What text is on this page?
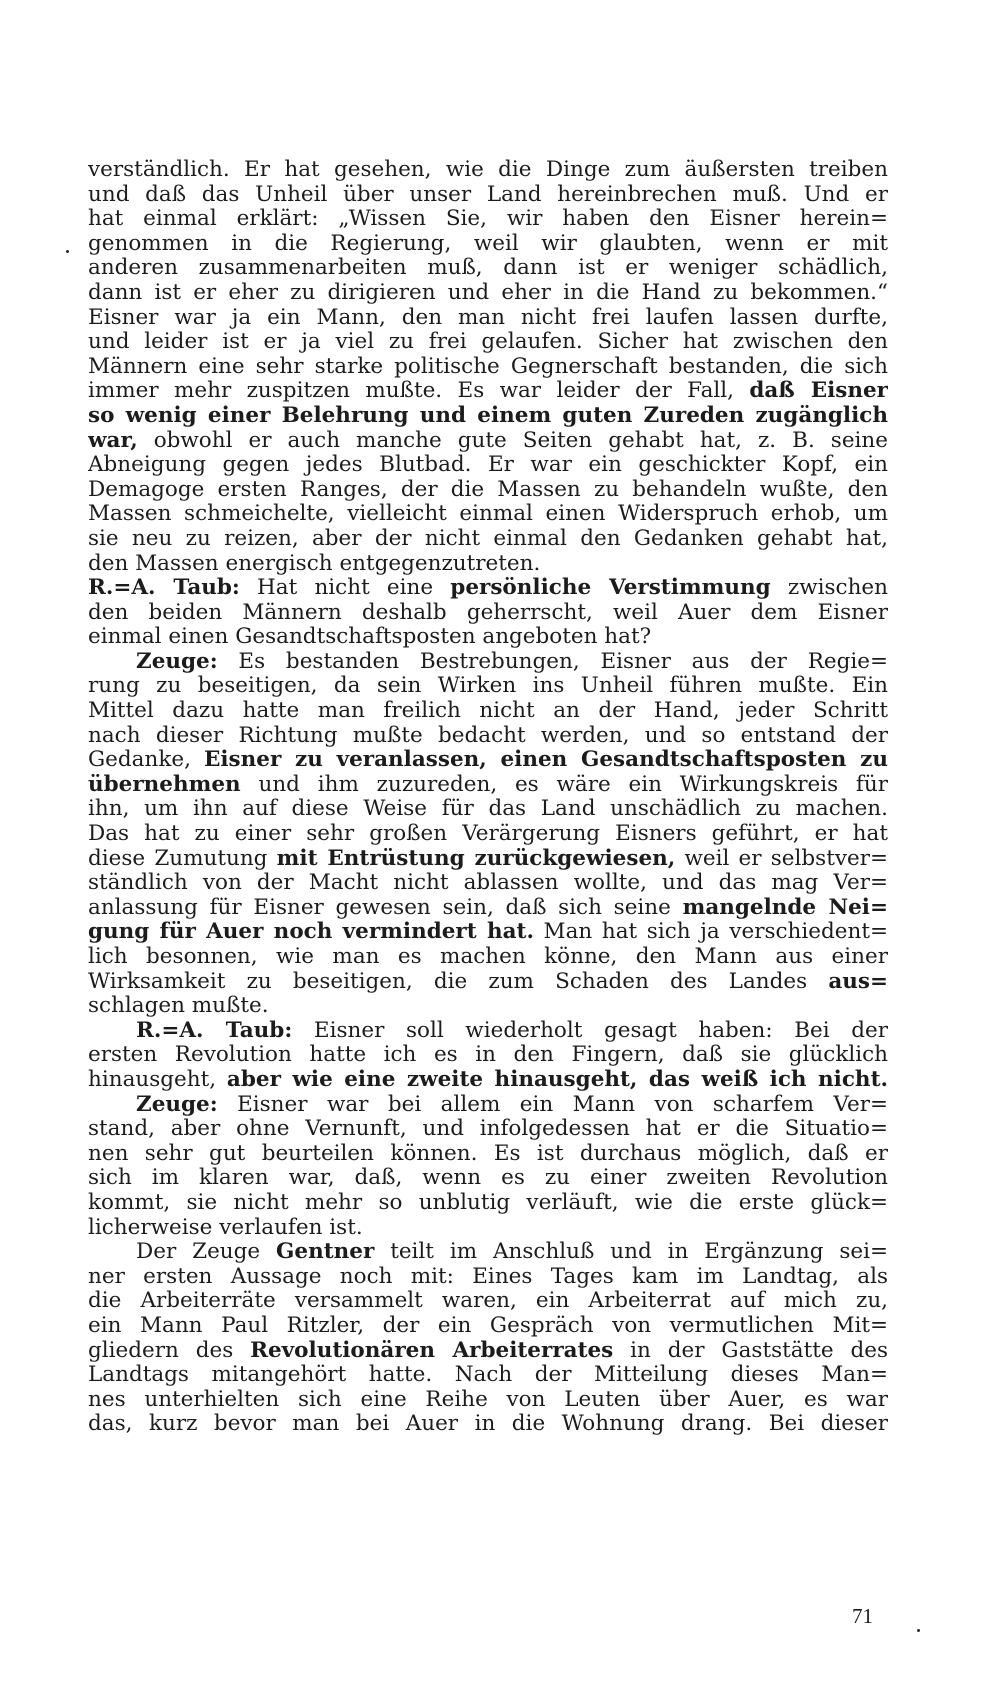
verständlich. Er hat gesehen, wie die Dinge zum äußersten treiben
und daß das Unheil über unser Land hereinbrechen muß. Und er
hat einmal erklärt: „Wissen Sie, wir haben den Eisner herein=
genommen in die Regierung, weil wir glaubten, wenn er mit
anderen zusammenarbeiten muß, dann ist er weniger schädlich,
dann ist er eher zu dirigieren und eher in die Hand zu bekommen.“
Eisner war ja ein Mann, den man nicht frei laufen lassen durfte,
und leider ist er ja viel zu frei gelaufen. Sicher hat zwischen den
Männern eine sehr starke politische Gegnerschaft bestanden, die sich
immer mehr zuspitzen mußte. Es war leider der Fall, daß Eisner
so wenig einer Belehrung und einem guten Zureden zugänglich
war, obwohl er auch manche gute Seiten gehabt hat, z. B. seine
Abneigung gegen jedes Blutbad. Er war ein geschickter Kopf, ein
Demagoge ersten Ranges, der die Massen zu behandeln wußte, den
Massen schmeichelte, vielleicht einmal einen Widerspruch erhob, um
sie neu zu reizen, aber der nicht einmal den Gedanken gehabt hat,
den Massen energisch entgegenzutreten.
R.=A. Taub: Hat nicht eine persönliche Verstimmung zwischen
den beiden Männern deshalb geherrscht, weil Auer dem Eisner
einmal einen Gesandtschaftsposten angeboten hat?
Zeuge: Es bestanden Bestrebungen, Eisner aus der Regie=
rung zu beseitigen, da sein Wirken ins Unheil führen mußte. Ein
Mittel dazu hatte man freilich nicht an der Hand, jeder Schritt
nach dieser Richtung mußte bedacht werden, und so entstand der
Gedanke, Eisner zu veranlassen, einen Gesandtschaftsposten zu
übernehmen und ihm zuzureden, es wäre ein Wirkungskreis für
ihn, um ihn auf diese Weise für das Land unschädlich zu machen.
Das hat zu einer sehr großen Verärgerung Eisners geführt, er hat
diese Zumutung mit Entrüstung zurückgewiesen, weil er selbstver=
ständlich von der Macht nicht ablassen wollte, und das mag Ver=
anlassung für Eisner gewesen sein, daß sich seine mangelnde Nei=
gung für Auer noch vermindert hat. Man hat sich ja verschiedent=
lich besonnen, wie man es machen könne, den Mann aus einer
Wirksamkeit zu beseitigen, die zum Schaden des Landes aus=
schlagen mußte.
R.=A. Taub: Eisner soll wiederholt gesagt haben: Bei der
ersten Revolution hatte ich es in den Fingern, daß sie glücklich
hinausgeht, aber wie eine zweite hinausgeht, das weiß ich nicht.
Zeuge: Eisner war bei allem ein Mann von scharfem Ver=
stand, aber ohne Vernunft, und infolgedessen hat er die Situatio=
nen sehr gut beurteilen können. Es ist durchaus möglich, daß er
sich im klaren war, daß, wenn es zu einer zweiten Revolution
kommt, sie nicht mehr so unblutig verläuft, wie die erste glück=
licherweise verlaufen ist.
Der Zeuge Gentner teilt im Anschluß und in Ergänzung sei=
ner ersten Aussage noch mit: Eines Tages kam im Landtag, als
die Arbeiterräte versammelt waren, ein Arbeiterrat auf mich zu,
ein Mann Paul Ritzler, der ein Gespräch von vermutlichen Mit=
gliedern des Revolutionären Arbeiterrates in der Gaststätte des
Landtags mitangehört hatte. Nach der Mitteilung dieses Man=
nes unterhielten sich eine Reihe von Leuten über Auer, es war
das, kurz bevor man bei Auer in die Wohnung drang. Bei dieser
71
